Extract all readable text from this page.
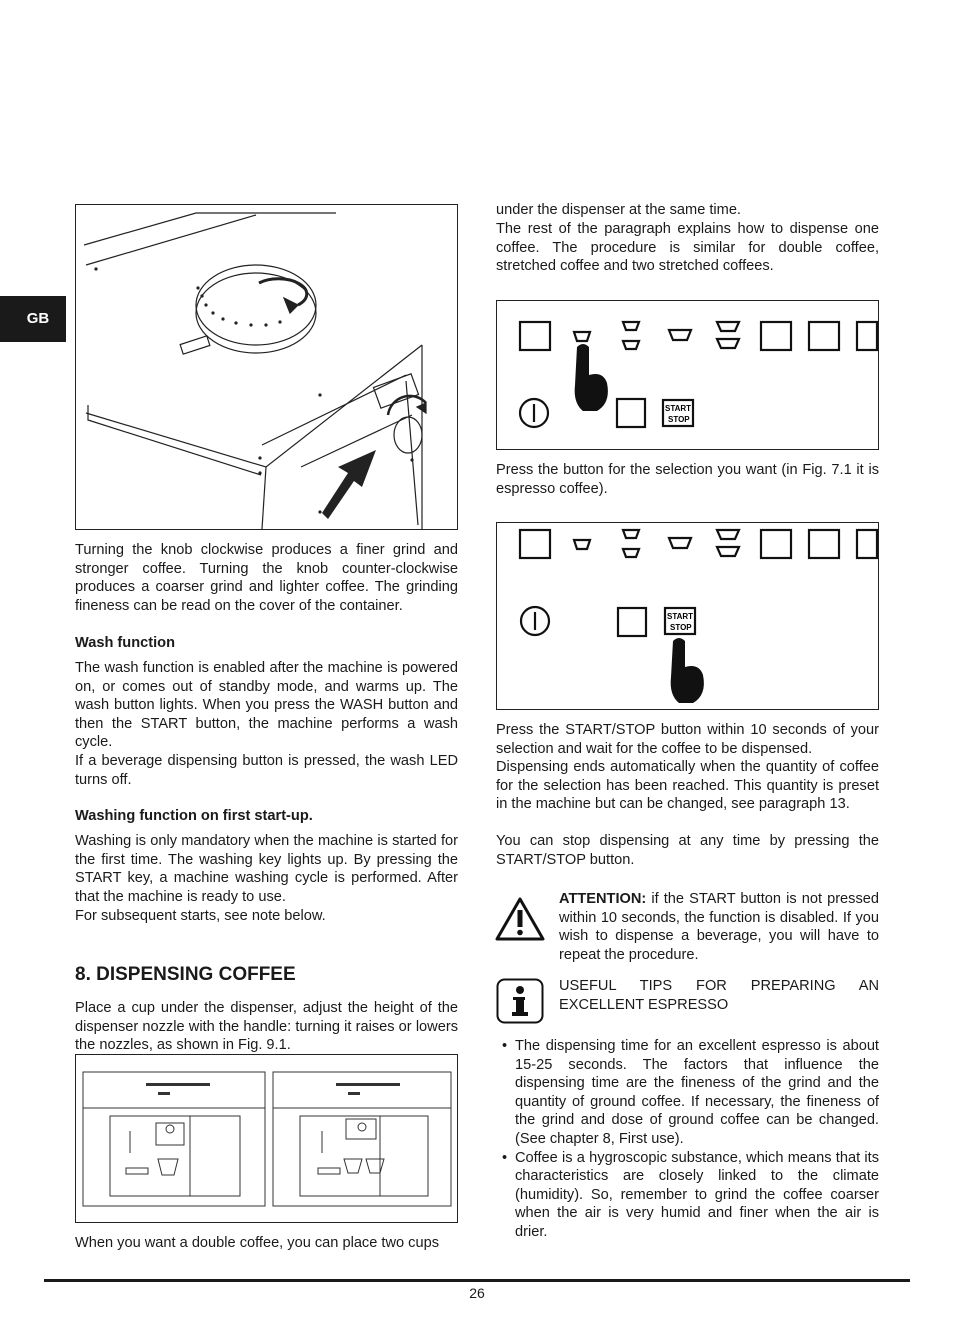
GB

Turning the knob clockwise produces a finer grind and stronger coffee. Turning the knob counter-clockwise produces a coarser grind and lighter coffee. The grinding fineness can be read on the cover of the container.

Wash function

The wash function is enabled after the machine is powered on, or comes out of standby mode, and warms up. The wash button lights. When you press the WASH button and then the START button, the machine performs a wash cycle.

If a beverage dispensing button is pressed, the wash LED turns off.

Washing function on first start-up.

Washing is only mandatory when the machine is started for the first time. The washing key lights up. By pressing the START key, a machine washing cycle is performed. After that the machine is ready to use.

For subsequent starts, see note below.

8. DISPENSING COFFEE

Place a cup under the dispenser, adjust the height of the dispenser nozzle with the handle: turning it raises or lowers the nozzles, as shown in Fig. 9.1.

When you want a double coffee, you can place two cups

under the dispenser at the same time.

The rest of the paragraph explains how to dispense one coffee. The procedure is similar for double coffee, stretched coffee and two stretched coffees.

START
STOP

Press the button for the selection you want (in Fig. 7.1 it is espresso coffee).

START
STOP

Press the START/STOP button within 10 seconds of your selection and wait for the coffee to be dispensed.

Dispensing ends automatically when the quantity of coffee for the selection has been reached. This quantity is preset in the machine but can be changed, see paragraph 13.

You can stop dispensing at any time by pressing the START/STOP button.

ATTENTION: if the START button is not pressed within 10 seconds, the function is disabled. If you wish to dispense a beverage, you will have to repeat the procedure.

USEFUL TIPS FOR PREPARING AN EXCELLENT ESPRESSO

• The dispensing time for an excellent espresso is about 15-25 seconds. The factors that influence the dispensing time are the fineness of the grind and the quantity of ground coffee. If necessary, the fineness of the grind and dose of ground coffee can be changed. (See chapter 8, First use).
• Coffee is a hygroscopic substance, which means that its characteristics are closely linked to the climate (humidity). So, remember to grind the coffee coarser when the air is very humid and finer when the air is drier.
26
